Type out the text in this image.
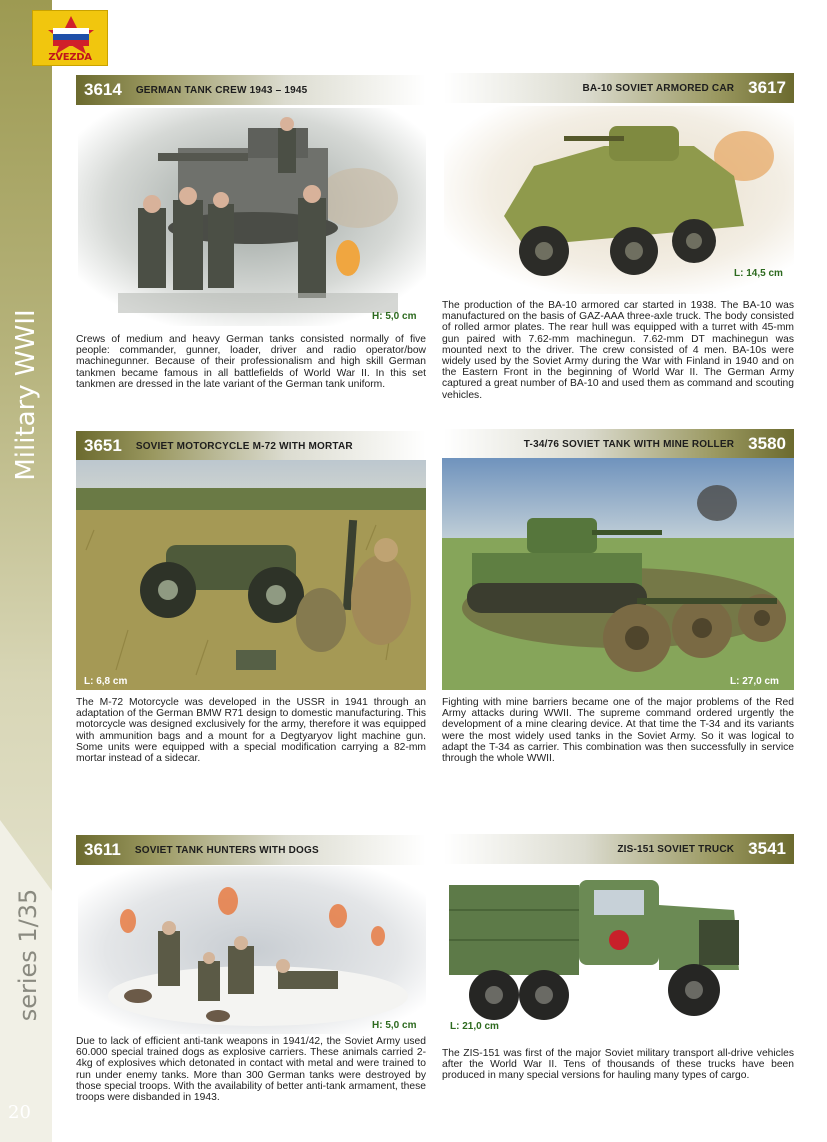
ZVEZDA
Military WWII
series 1/35
20
3614	GERMAN TANK CREW 1943 – 1945
H: 5,0 cm
Crews of medium and heavy German tanks consisted normally of five people: commander, gunner, loader, driver and radio operator/bow machinegunner. Because of their professionalism and high skill German tankmen became famous in all battlefields of World War II. In this set tankmen are dressed in the late variant of the German tank uniform.
BA-10 SOVIET ARMORED CAR 3617
L: 14,5 cm
The production of the BA-10 armored car started in 1938. The BA-10 was manufactured on the basis of GAZ-AAA three-axle truck. The body consisted of rolled armor plates. The rear hull was equipped with a turret with 45-mm gun paired with 7.62-mm machinegun. 7.62-mm DT machinegun was mounted next to the driver. The crew consisted of 4 men. BA-10s were widely used by the Soviet Army during the War with Finland in 1940 and on the Eastern Front in the beginning of World War II. The German Army captured a great number of BA-10 and used them as command and scouting vehicles.
3651	SOVIET MOTORCYCLE M-72 WITH MORTAR
L: 6,8 cm
The M-72 Motorcycle was developed in the USSR in 1941 through an adaptation of the German BMW R71 design to domestic manufacturing. This motorcycle was designed exclusively for the army, therefore it was equipped with ammunition bags and a mount for a Degtyaryov light machine gun. Some units were equipped with a special modification carrying a 82-mm mortar instead of a sidecar.
T-34/76 SOVIET TANK WITH MINE ROLLER 3580
L: 27,0 cm
Fighting with mine barriers became one of the major problems of the Red Army attacks during WWII. The supreme command ordered urgently the development of a mine clearing device. At that time the T-34 and its variants were the most widely used tanks in the Soviet Army. So it was logical to adapt the T-34 as carrier. This combination was then successfully in service through the whole WWII.
3611	SOVIET TANK HUNTERS WITH DOGS
H: 5,0 cm
Due to lack of efficient anti-tank weapons in 1941/42, the Soviet Army used 60.000 special trained dogs as explosive carriers. These animals carried 2-4kg of explosives which detonated in contact with metal and were trained to run under enemy tanks. More than 300 German tanks were destroyed by those special troops. With the availability of better anti-tank armament, these troops were disbanded in 1943.
ZIS-151 SOVIET TRUCK 3541
L: 21,0 cm
The ZIS-151 was first of the major Soviet military transport all-drive vehicles after the World War II. Tens of thousands of these trucks have been produced in many special versions for hauling many types of cargo.
